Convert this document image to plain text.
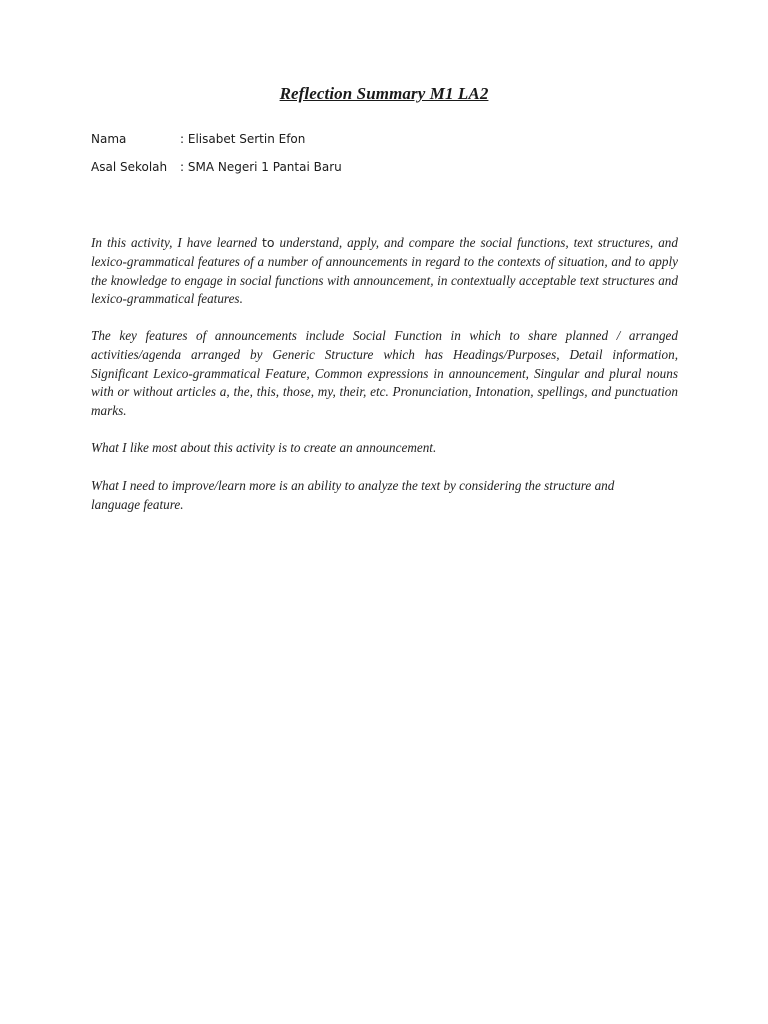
Reflection Summary M1 LA2
Nama	: Elisabet Sertin Efon
Asal Sekolah : SMA Negeri 1 Pantai Baru
In this activity, I have learned to understand, apply, and compare the social functions, text structures, and lexico-grammatical features of a number of announcements in regard to the contexts of situation, and to apply the knowledge to engage in social functions with announcement, in contextually acceptable text structures and lexico-grammatical features.
The key features of announcements include Social Function in which to share planned / arranged activities/agenda arranged by Generic Structure which has Headings/Purposes, Detail information, Significant Lexico-grammatical Feature, Common expressions in announcement, Singular and plural nouns with or without articles a, the, this, those, my, their, etc. Pronunciation, Intonation, spellings, and punctuation marks.
What I like most about this activity is to create an announcement.
What I need to improve/learn more is an ability to analyze the text by considering the structure and language feature.
